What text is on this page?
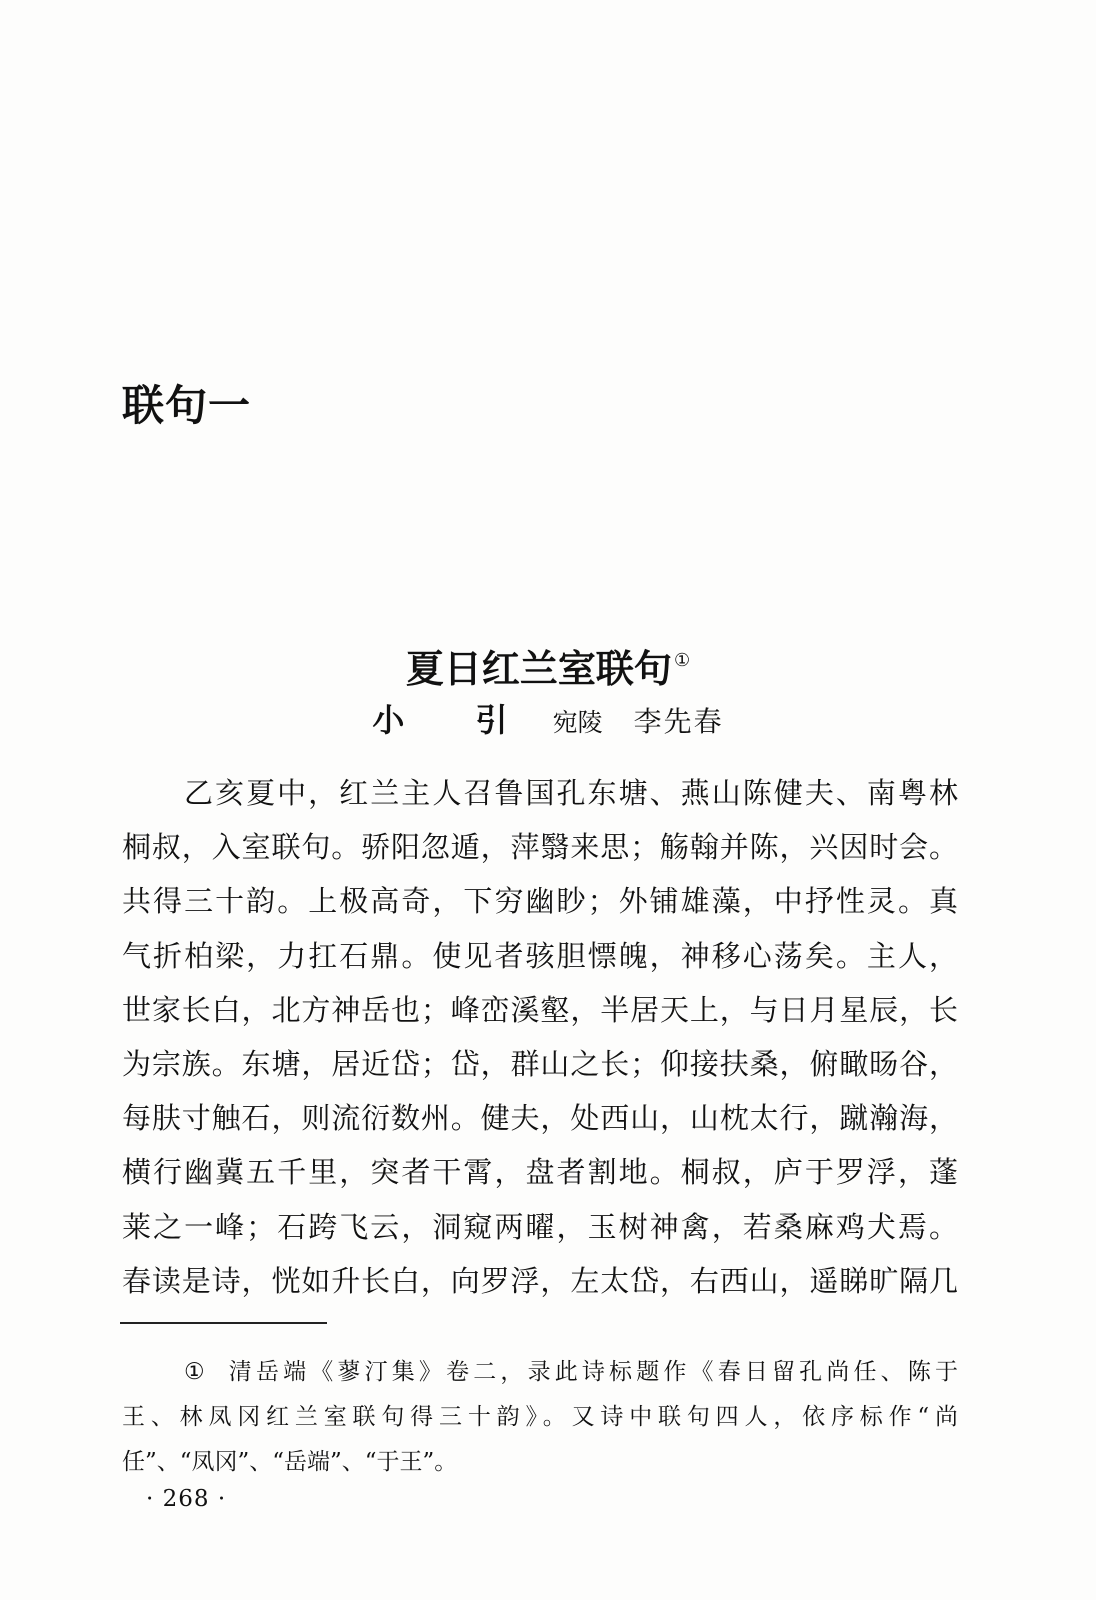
联句一
夏日红兰室联句 ①
小 引 宛陵 李先春
乙亥夏中，红兰主人召鲁国孔东塘、燕山陈健夫、南粤林
桐叔，入室联句。骄阳忽遁，萍翳来思；觞翰并陈，兴因时会。
共得三十韵。上极高奇，下穷幽眇；外铺雄藻，中抒性灵。真
气折柏梁，力扛石鼎。使见者骇胆慓魄，神移心荡矣。主人，
世家长白，北方神岳也；峰峦溪壑，半居天上，与日月星辰，长
为宗族。东塘，居近岱；岱，群山之长；仰接扶桑，俯瞰旸谷，
每肤寸触石，则流衍数州。健夫，处西山，山枕太行，蹴瀚海，
横行幽冀五千里，突者干霄，盘者割地。桐叔，庐于罗浮，蓬
莱之一峰；石跨飞云，洞窥两曜，玉树神禽，若桑麻鸡犬焉。
春读是诗，恍如升长白，向罗浮，左太岱，右西山，遥睇旷隔几
① 清岳端《蓼汀集》卷二，录此诗标题作《春日留孔尚任、陈于
王、林凤冈红兰室联句得三十韵》。又诗中联句四人，依序标作“尚
任”、“凤冈”、“岳端”、“于王”。
· 268 ·
